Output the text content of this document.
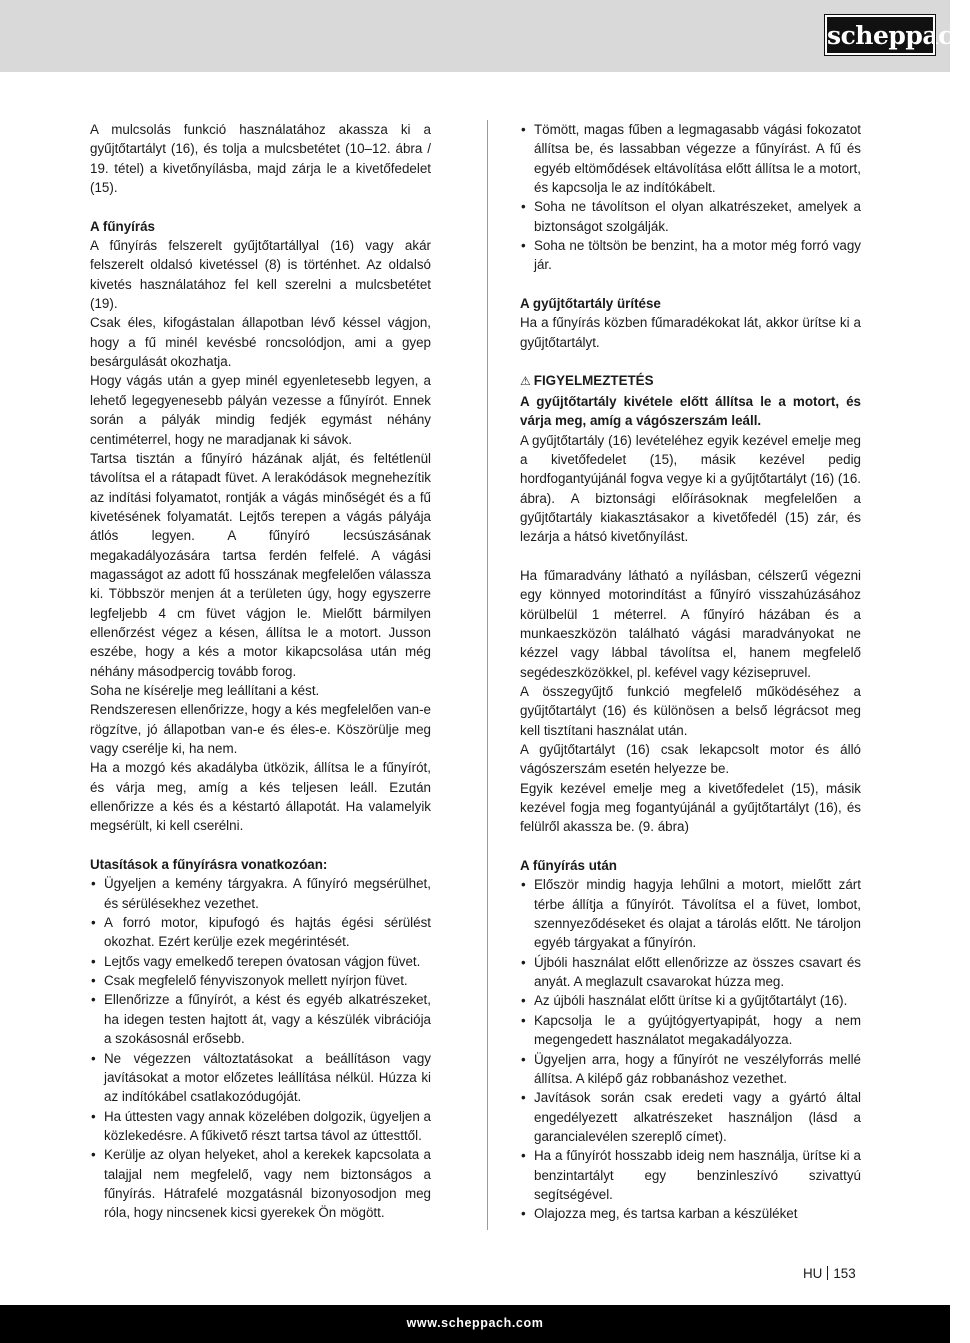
scheppach

A mulcsolás funkció használatához akassza ki a gyűjtőtartályt (16), és tolja a mulcsbetétet (10–12. ábra / 19. tétel) a kivetőnyílásba, majd zárja le a kivetőfedelet (15).

A fűnyírás

A fűnyírás felszerelt gyűjtőtartállyal (16) vagy akár felszerelt oldalsó kivetéssel (8) is történhet. Az oldalsó kivetés használatához fel kell szerelni a mulcsbetétet (19).

Csak éles, kifogástalan állapotban lévő késsel vágjon, hogy a fű minél kevésbé roncsolódjon, ami a gyep besárgulását okozhatja.

Hogy vágás után a gyep minél egyenletesebb legyen, a lehető legegyenesebb pályán vezesse a fűnyírót. Ennek során a pályák mindig fedjék egymást néhány centiméterrel, hogy ne maradjanak ki sávok.

Tartsa tisztán a fűnyíró házának alját, és feltétlenül távolítsa el a rátapadt füvet. A lerakódások megnehezítik az indítási folyamatot, rontják a vágás minőségét és a fű kivetésének folyamatát. Lejtős terepen a vágás pályája átlós legyen. A fűnyíró lecsúszásának megakadályozására tartsa ferdén felfelé. A vágási magasságot az adott fű hosszának megfelelően válassza ki. Többször menjen át a területen úgy, hogy egyszerre legfeljebb 4 cm füvet vágjon le. Mielőtt bármilyen ellenőrzést végez a késen, állítsa le a motort. Jusson eszébe, hogy a kés a motor kikapcsolása után még néhány másodpercig tovább forog.

Soha ne kísérelje meg leállítani a kést.

Rendszeresen ellenőrizze, hogy a kés megfelelően van-e rögzítve, jó állapotban van-e és éles-e. Köszörülje meg vagy cserélje ki, ha nem.

Ha a mozgó kés akadályba ütközik, állítsa le a fűnyírót, és várja meg, amíg a kés teljesen leáll. Ezután ellenőrizze a kés és a késtartó állapotát. Ha valamelyik megsérült, ki kell cserélni.

Utasítások a fűnyírásra vonatkozóan:
• Ügyeljen a kemény tárgyakra. A fűnyíró megsérülhet, és sérülésekhez vezethet.
• A forró motor, kipufogó és hajtás égési sérülést okozhat. Ezért kerülje ezek megérintését.
• Lejtős vagy emelkedő terepen óvatosan vágjon füvet.
• Csak megfelelő fényviszonyok mellett nyírjon füvet.
• Ellenőrizze a fűnyírót, a kést és egyéb alkatrészeket, ha idegen testen hajtott át, vagy a készülék vibrációja a szokásosnál erősebb.
• Ne végezzen változtatásokat a beállításon vagy javításokat a motor előzetes leállítása nélkül. Húzza ki az indítókábel csatlakozódugóját.
• Ha úttesten vagy annak közelében dolgozik, ügyeljen a közlekedésre. A fűkivető részt tartsa távol az úttesttől.
• Kerülje az olyan helyeket, ahol a kerekek kapcsolata a talajjal nem megfelelő, vagy nem biztonságos a fűnyírás. Hátrafelé mozgatásnál bizonyosodjon meg róla, hogy nincsenek kicsi gyerekek Ön mögött.
• Tömött, magas fűben a legmagasabb vágási fokozatot állítsa be, és lassabban végezze a fűnyírást. A fű és egyéb eltömődések eltávolítása előtt állítsa le a motort, és kapcsolja le az indítókábelt.
• Soha ne távolítson el olyan alkatrészeket, amelyek a biztonságot szolgálják.
• Soha ne töltsön be benzint, ha a motor még forró vagy jár.
A gyűjtőtartály ürítése

Ha a fűnyírás közben fűmaradékokat lát, akkor ürítse ki a gyűjtőtartályt.

⚠ FIGYELMEZTETÉS

A gyűjtőtartály kivétele előtt állítsa le a motort, és várja meg, amíg a vágószerszám leáll.

A gyűjtőtartály (16) levételéhez egyik kezével emelje meg a kivetőfedelet (15), másik kezével pedig hordfogantyújánál fogva vegye ki a gyűjtőtartályt (16) (16. ábra). A biztonsági előírásoknak megfelelően a gyűjtőtartály kiakasztásakor a kivetőfedél (15) zár, és lezárja a hátsó kivetőnyílást.

Ha fűmaradvány látható a nyílásban, célszerű végezni egy könnyed motorindítást a fűnyíró visszahúzásához körülbelül 1 méterrel. A fűnyíró házában és a munkaeszközön található vágási maradványokat ne kézzel vagy lábbal távolítsa el, hanem megfelelő segédeszközökkel, pl. kefével vagy kézisepruvel.

A összegyűjtő funkció megfelelő működéséhez a gyűjtőtartályt (16) és különösen a belső légrácsot meg kell tisztítani használat után.

A gyűjtőtartályt (16) csak lekapcsolt motor és álló vágószerszám esetén helyezze be.

Egyik kezével emelje meg a kivetőfedelet (15), másik kezével fogja meg fogantyújánál a gyűjtőtartályt (16), és felülről akassza be. (9. ábra)

A fűnyírás után
• Először mindig hagyja lehűlni a motort, mielőtt zárt térbe állítja a fűnyírót. Távolítsa el a füvet, lombot, szennyeződéseket és olajat a tárolás előtt. Ne tároljon egyéb tárgyakat a fűnyírón.
• Újbóli használat előtt ellenőrizze az összes csavart és anyát. A meglazult csavarokat húzza meg.
• Az újbóli használat előtt ürítse ki a gyűjtőtartályt (16).
• Kapcsolja le a gyújtógyertyapipát, hogy a nem megengedett használatot megakadályozza.
• Ügyeljen arra, hogy a fűnyírót ne veszélyforrás mellé állítsa. A kilépő gáz robbanáshoz vezethet.
• Javítások során csak eredeti vagy a gyártó által engedélyezett alkatrészeket használjon (lásd a garancialevélen szereplő címet).
• Ha a fűnyírót hosszabb ideig nem használja, ürítse ki a benzintartályt egy benzinleszívó szivattyú segítségével.
• Olajozza meg, és tartsa karban a készüléket
HU 153
www.scheppach.com
